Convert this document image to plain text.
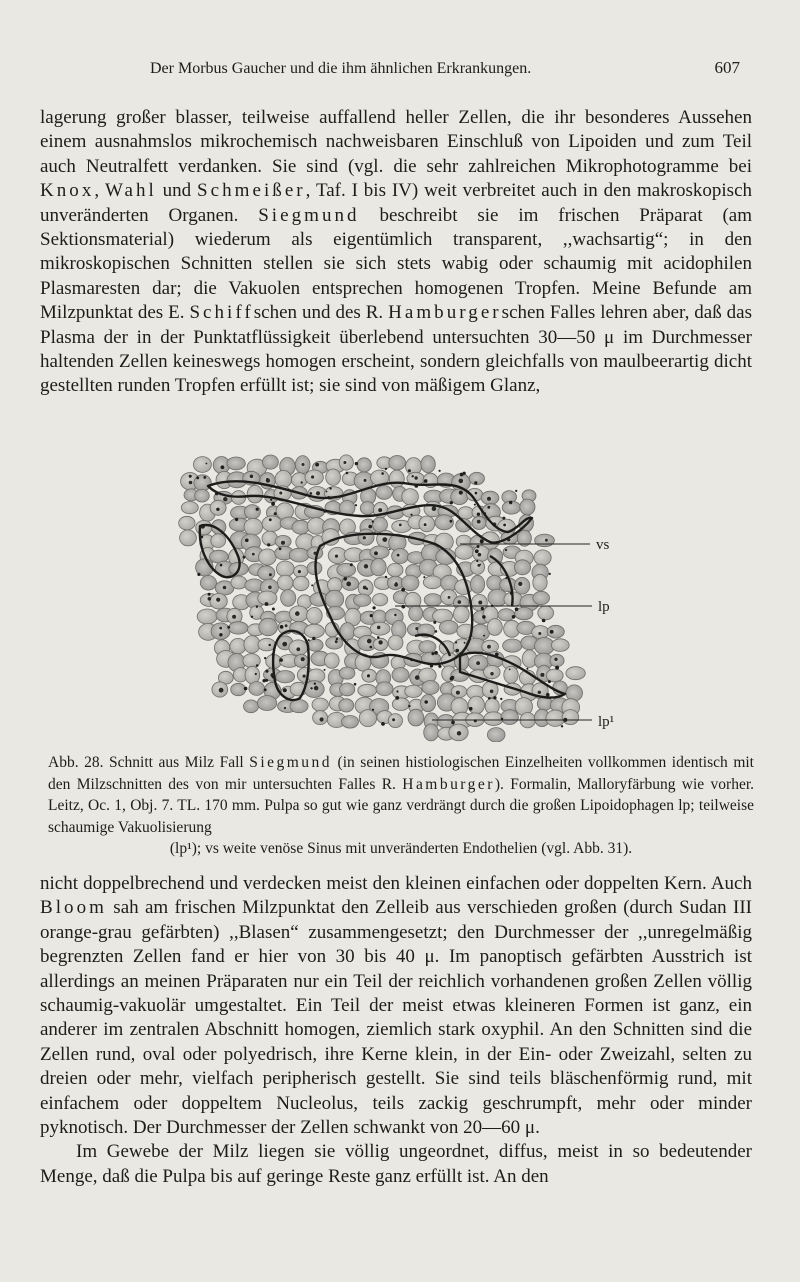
Der Morbus Gaucher und die ihm ähnlichen Erkrankungen.	607

lagerung großer blasser, teilweise auffallend heller Zellen, die ihr besonderes Aussehen einem ausnahmslos mikrochemisch nachweisbaren Einschluß von Lipoiden und zum Teil auch Neutralfett verdanken. Sie sind (vgl. die sehr zahlreichen Mikrophotogramme bei Knox, Wahl und Schmeißer, Taf. I bis IV) weit verbreitet auch in den makroskopisch unveränderten Organen. Siegmund beschreibt sie im frischen Präparat (am Sektionsmaterial) wiederum als eigentümlich transparent, ,,wachsartig“; in den mikroskopischen Schnitten stellen sie sich stets wabig oder schaumig mit acidophilen Plasmaresten dar; die Vakuolen entsprechen homogenen Tropfen. Meine Befunde am Milzpunktat des E. Schiffschen und des R. Hamburgerschen Falles lehren aber, daß das Plasma der in der Punktatflüssigkeit überlebend untersuchten 30—50 μ im Durchmesser haltenden Zellen keineswegs homogen erscheint, sondern gleichfalls von maulbeerartig dicht gestellten runden Tropfen erfüllt ist; sie sind von mäßigem Glanz,

vs
lp
lp¹

Abb. 28. Schnitt aus Milz Fall Siegmund (in seinen histiologischen Einzelheiten vollkommen identisch mit den Milzschnitten des von mir untersuchten Falles R. Hamburger). Formalin, Malloryfärbung wie vorher. Leitz, Oc. 1, Obj. 7. TL. 170 mm. Pulpa so gut wie ganz verdrängt durch die großen Lipoidophagen lp; teilweise schaumige Vakuolisierung

(lp¹); vs weite venöse Sinus mit unveränderten Endothelien (vgl. Abb. 31).

nicht doppelbrechend und verdecken meist den kleinen einfachen oder doppelten Kern. Auch Bloom sah am frischen Milzpunktat den Zelleib aus verschieden großen (durch Sudan III orange-grau gefärbten) ,,Blasen“ zusammengesetzt; den Durchmesser der ,,unregelmäßig begrenzten Zellen fand er hier von 30 bis 40 μ. Im panoptisch gefärbten Ausstrich ist allerdings an meinen Präparaten nur ein Teil der reichlich vorhandenen großen Zellen völlig schaumig-vakuolär umgestaltet. Ein Teil der meist etwas kleineren Formen ist ganz, ein anderer im zentralen Abschnitt homogen, ziemlich stark oxyphil. An den Schnitten sind die Zellen rund, oval oder polyedrisch, ihre Kerne klein, in der Ein- oder Zweizahl, selten zu dreien oder mehr, vielfach peripherisch gestellt. Sie sind teils bläschenförmig rund, mit einfachem oder doppeltem Nucleolus, teils zackig geschrumpft, mehr oder minder pyknotisch. Der Durchmesser der Zellen schwankt von 20—60 μ.

Im Gewebe der Milz liegen sie völlig ungeordnet, diffus, meist in so bedeutender Menge, daß die Pulpa bis auf geringe Reste ganz erfüllt ist. An den
